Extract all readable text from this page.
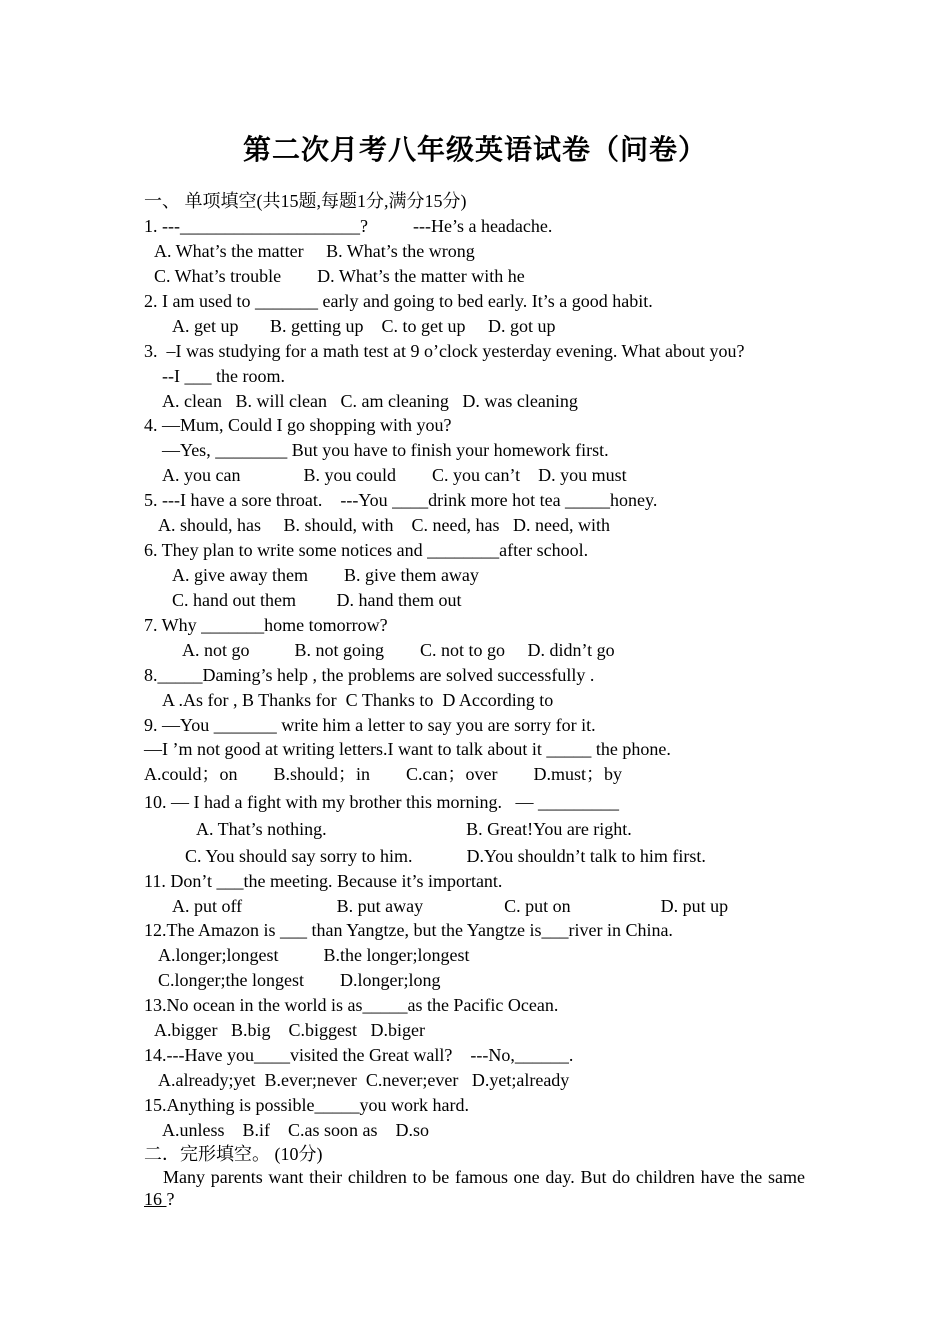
第二次月考八年级英语试卷（问卷）
一、 单项填空(共15题,每题1分,满分15分)
1. ---____________________?          ---He’s a headache.
A. What’s the matter     B. What’s the wrong
C. What’s trouble        D. What’s the matter with he
2. I am used to _______ early and going to bed early. It’s a good habit.
A. get up       B. getting up    C. to get up     D. got up
3.  –I was studying for a math test at 9 o’clock yesterday evening. What about you?
--I ___ the room.
A. clean   B. will clean   C. am cleaning   D. was cleaning
4. —Mum, Could I go shopping with you?
—Yes, ________ But you have to finish your homework first.
A. you can              B. you could        C. you can’t    D. you must
5. ---I have a sore throat.    ---You ____drink more hot tea _____honey.
A. should, has     B. should, with    C. need, has   D. need, with
6. They plan to write some notices and ________after school.
A. give away them        B. give them away
C. hand out them         D. hand them out
7. Why _______home tomorrow?
A. not go          B. not going        C. not to go     D. didn’t go
8._____Daming’s help , the problems are solved successfully .
A .As for , B Thanks for  C Thanks to  D According to
9. —You _______ write him a letter to say you are sorry for it.
—I ’m not good at writing letters.I want to talk about it _____ the phone.
A.could；on        B.should；in        C.can；over        D.must；by
10. — I had a fight with my brother this morning.   — _________
A. That’s nothing.                               B. Great!You are right.
C. You should say sorry to him.            D.You shouldn’t talk to him first.
11. Don’t ___the meeting. Because it’s important.
A. put off                     B. put away                  C. put on                    D. put up
12.The Amazon is ___ than Yangtze, but the Yangtze is___river in China.
A.longer;longest          B.the longer;longest
C.longer;the longest        D.longer;long
13.No ocean in the world is as_____as the Pacific Ocean.
A.bigger   B.big    C.biggest   D.biger
14.---Have you____visited the Great wall?    ---No,______.
A.already;yet  B.ever;never  C.never;ever   D.yet;already
15.Anything is possible_____you work hard.
A.unless    B.if    C.as soon as    D.so
二．完形填空。 (10分)
Many parents want their children to be famous one day. But do children have the same 16 ?
